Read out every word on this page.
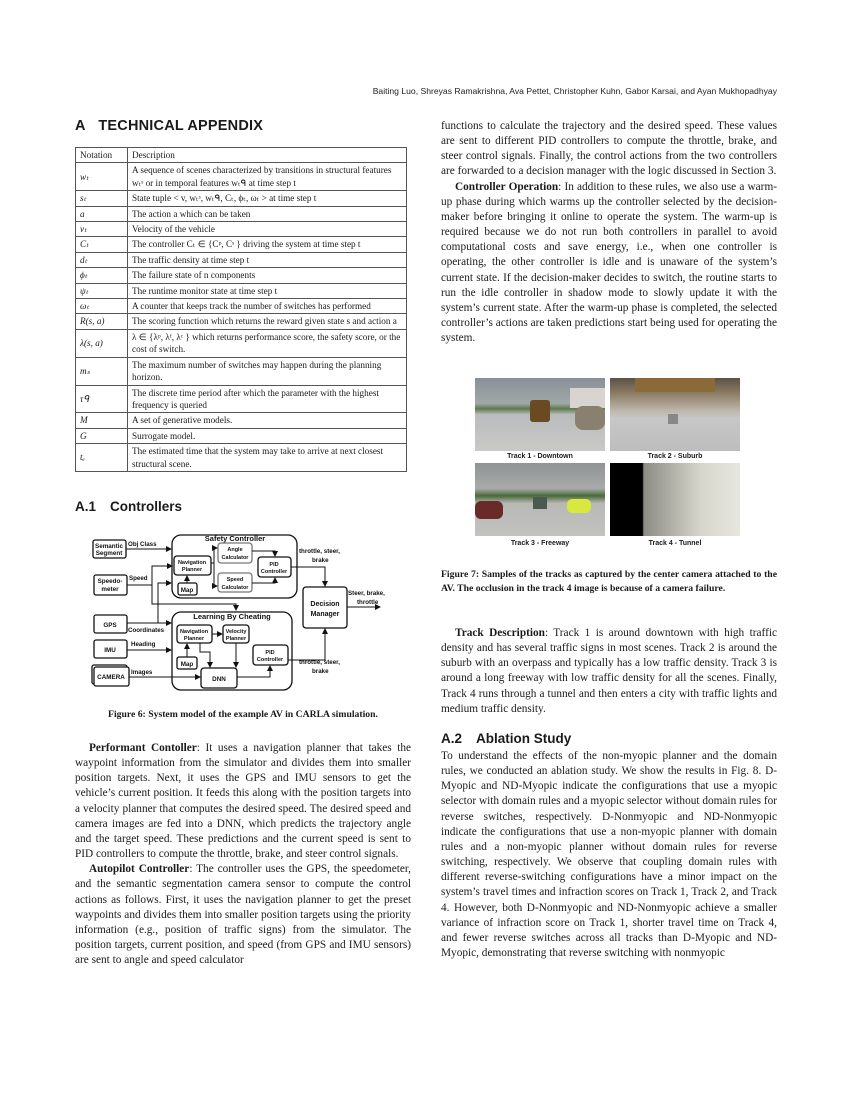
Baiting Luo, Shreyas Ramakrishna, Ava Pettet, Christopher Kuhn, Gabor Karsai, and Ayan Mukhopadhyay
A TECHNICAL APPENDIX
Notation	Description
wₜ	A sequence of scenes characterized by transitions in structural features wₜˢ or in temporal features wₜᑫ at time step t
sₜ	State tuple < v, wₜˢ, wₜᑫ, Cₜ, ϕₜ, ωₜ > at time step t
a	The action a which can be taken
vₜ	Velocity of the vehicle
Cₜ	The controller Cₜ ∈ {Cᵖ, Cˢ } driving the system at time step t
dₜ	The traffic density at time step t
ϕₜ	The failure state of n components
ψₜ	The runtime monitor state at time step t
ωₜ	A counter that keeps track the number of switches has performed
R(s, a)	The scoring function which returns the reward given state s and action a
λ(s, a)	λ ∈ {λᵖ, λᶠ, λᶜ } which returns performance score, the safety score, or the cost of switch.
mₛ	The maximum number of switches may happen during the planning horizon.
τᑫ	The discrete time period after which the parameter with the highest frequency is queried
M	A set of generative models.
G	Surrogate model.
tₑ	The estimated time that the system may take to arrive at next closest structural scene.
A.1 Controllers
Semantic
Segment
Speedo-
meter
GPS
IMU
CAMERA
Safety Controller
Learning By Cheating
Navigation
Planner
Map
Angle
Calculator
Speed
Calculator
PID
Controller
Decision
Manager
Navigation
Planner
Velocity
Planner
Map
DNN
PID
Controller
Obj Class
Speed
Coordinates
Heading
Images
throttle, steer,
brake
throttle, steer,
brake
Steer, brake,
throttle
Figure 6: System model of the example AV in CARLA simulation.

Performant Contoller: It uses a navigation planner that takes the waypoint information from the simulator and divides them into smaller position targets. Next, it uses the GPS and IMU sensors to get the vehicle’s current position. It feeds this along with the position targets into a velocity planner that computes the desired speed. The desired speed and camera images are fed into a DNN, which predicts the trajectory angle and the target speed. These predictions and the current speed is sent to PID controllers to compute the throttle, brake, and steer control signals.

Autopilot Controller: The controller uses the GPS, the speedometer, and the semantic segmentation camera sensor to compute the control actions as follows. First, it uses the navigation planner to get the preset waypoints and divides them into smaller position targets using the priority information (e.g., position of traffic signs) from the simulator. The position targets, current position, and speed (from GPS and IMU sensors) are sent to angle and speed calculator

functions to calculate the trajectory and the desired speed. These values are sent to different PID controllers to compute the throttle, brake, and steer control signals. Finally, the control actions from the two controllers are forwarded to a decision manager with the logic discussed in Section 3.

Controller Operation: In addition to these rules, we also use a warm-up phase during which warms up the controller selected by the decision-maker before bringing it online to operate the system. The warm-up is required because we do not run both controllers in parallel to avoid computational costs and save energy, i.e., when one controller is operating, the other controller is idle and is unaware of the system’s current state. If the decision-maker decides to switch, the routine starts to run the idle controller in shadow mode to slowly update it with the system’s current state. After the warm-up phase is completed, the selected controller’s actions are taken predictions start being used for operating the system.

Track 1 - Downtown	Track 2 - Suburb
Track 3 - Freeway	Track 4 - Tunnel
Figure 7: Samples of the tracks as captured by the center camera attached to the AV. The occlusion in the track 4 image is because of a camera failure.

Track Description: Track 1 is around downtown with high traffic density and has several traffic signs in most scenes. Track 2 is around the suburb with an overpass and typically has a low traffic density. Track 3 is around a long freeway with low traffic density for all the scenes. Finally, Track 4 runs through a tunnel and then enters a city with traffic lights and medium traffic density.

A.2 Ablation Study

To understand the effects of the non-myopic planner and the domain rules, we conducted an ablation study. We show the results in Fig. 8. D-Myopic and ND-Myopic indicate the configurations that use a myopic selector with domain rules and a myopic selector without domain rules for reverse switches, respectively. D-Nonmyopic and ND-Nonmyopic indicate the configurations that use a non-myopic planner with domain rules and a non-myopic planner without domain rules for reverse switching, respectively. We observe that coupling domain rules with different reverse-switching configurations have a minor impact on the system’s travel times and infraction scores on Track 1, Track 2, and Track 4. However, both D-Nonmyopic and ND-Nonmyopic achieve a smaller variance of infraction score on Track 1, shorter travel time on Track 4, and fewer reverse switches across all tracks than D-Myopic and ND-Myopic, demonstrating that reverse switching with nonmyopic
